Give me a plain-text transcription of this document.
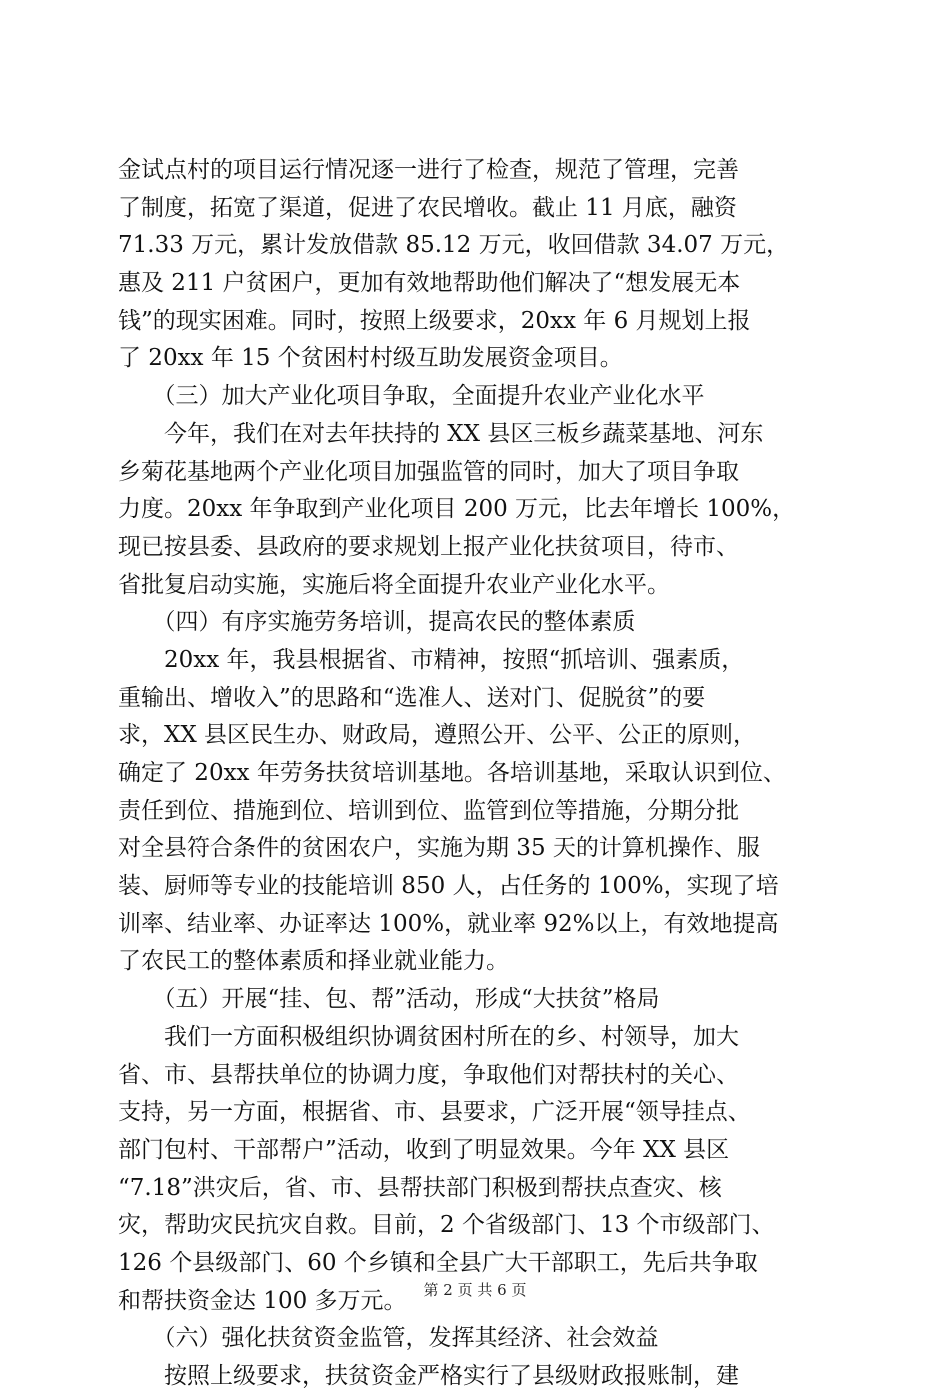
金试点村的项目运行情况逐一进行了检查，规范了管理，完善
了制度，拓宽了渠道，促进了农民增收。截止 11 月底，融资
71.33 万元，累计发放借款 85.12 万元，收回借款 34.07 万元，
惠及 211 户贫困户，更加有效地帮助他们解决了“想发展无本
钱”的现实困难。同时，按照上级要求，20xx 年 6 月规划上报
了 20xx 年 15 个贫困村村级互助发展资金项目。
　　（三）加大产业化项目争取，全面提升农业产业化水平
　　今年，我们在对去年扶持的 XX 县区三板乡蔬菜基地、河东
乡菊花基地两个产业化项目加强监管的同时，加大了项目争取
力度。20xx 年争取到产业化项目 200 万元，比去年增长 100%，
现已按县委、县政府的要求规划上报产业化扶贫项目，待市、
省批复启动实施，实施后将全面提升农业产业化水平。
　　（四）有序实施劳务培训，提高农民的整体素质
　　20xx 年，我县根据省、市精神，按照“抓培训、强素质，
重输出、增收入”的思路和“选准人、送对门、促脱贫”的要
求，XX 县区民生办、财政局，遵照公开、公平、公正的原则，
确定了 20xx 年劳务扶贫培训基地。各培训基地，采取认识到位、
责任到位、措施到位、培训到位、监管到位等措施，分期分批
对全县符合条件的贫困农户，实施为期 35 天的计算机操作、服
装、厨师等专业的技能培训 850 人，占任务的 100%，实现了培
训率、结业率、办证率达 100%，就业率 92%以上，有效地提高
了农民工的整体素质和择业就业能力。
　　（五）开展“挂、包、帮”活动，形成“大扶贫”格局
　　我们一方面积极组织协调贫困村所在的乡、村领导，加大
省、市、县帮扶单位的协调力度，争取他们对帮扶村的关心、
支持，另一方面，根据省、市、县要求，广泛开展“领导挂点、
部门包村、干部帮户”活动，收到了明显效果。今年 XX 县区
“7.18”洪灾后，省、市、县帮扶部门积极到帮扶点查灾、核
灾，帮助灾民抗灾自救。目前，2 个省级部门、13 个市级部门、
126 个县级部门、60 个乡镇和全县广大干部职工，先后共争取
和帮扶资金达 100 多万元。
　　（六）强化扶贫资金监管，发挥其经济、社会效益
　　按照上级要求，扶贫资金严格实行了县级财政报账制，建
第 2 页 共 6 页
